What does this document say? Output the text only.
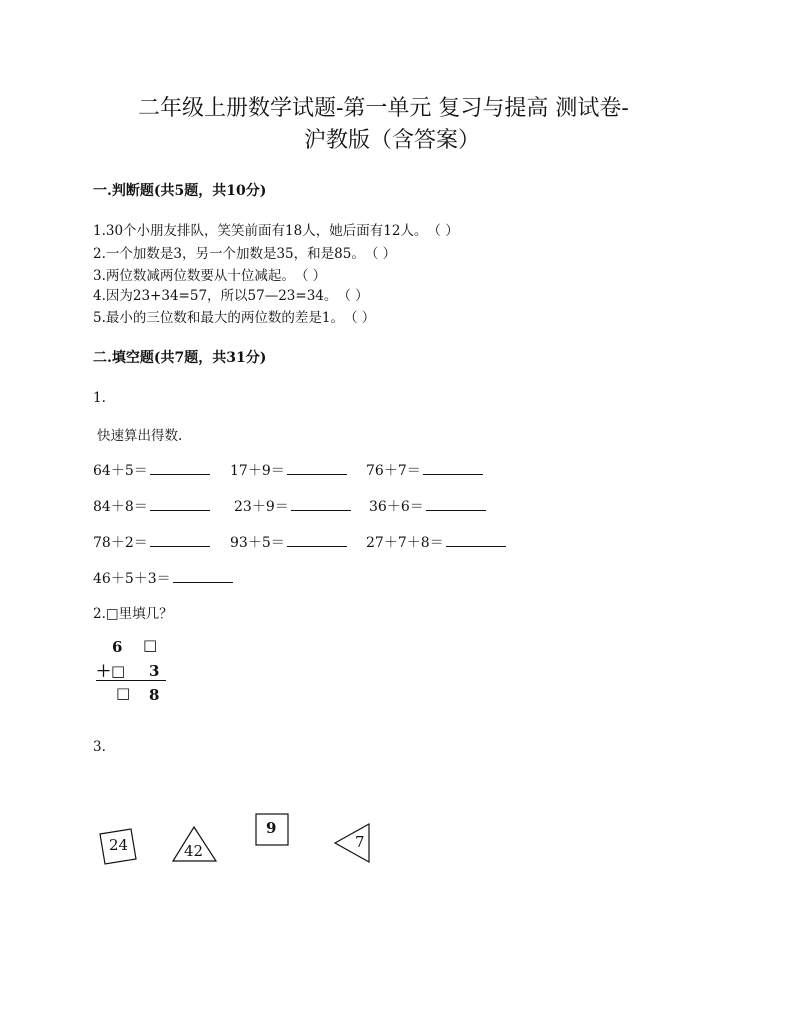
二年级上册数学试题-第一单元 复习与提高 测试卷-
沪教版（含答案）
一.判断题(共5题，共10分)
1.30个小朋友排队，笑笑前面有18人，她后面有12人。　（ ）
2.一个加数是3，另一个加数是35，和是85。　（ ）
3.两位数减两位数要从十位减起。　（ ）
4.因为23+34=57，所以57—23=34。　（ ）
5.最小的三位数和最大的两位数的差是1。　（ ）
二.填空题(共7题，共31分)
1.
快速算出得数.
64＋5＝	17＋9＝	76＋7＝
84＋8＝	23＋9＝	36＋6＝
78＋2＝	93＋5＝	27＋7＋8＝
46＋5＋3＝
2.□里填几？
6 □
＋□ 3
□ 8
3.
24	42
9
7
